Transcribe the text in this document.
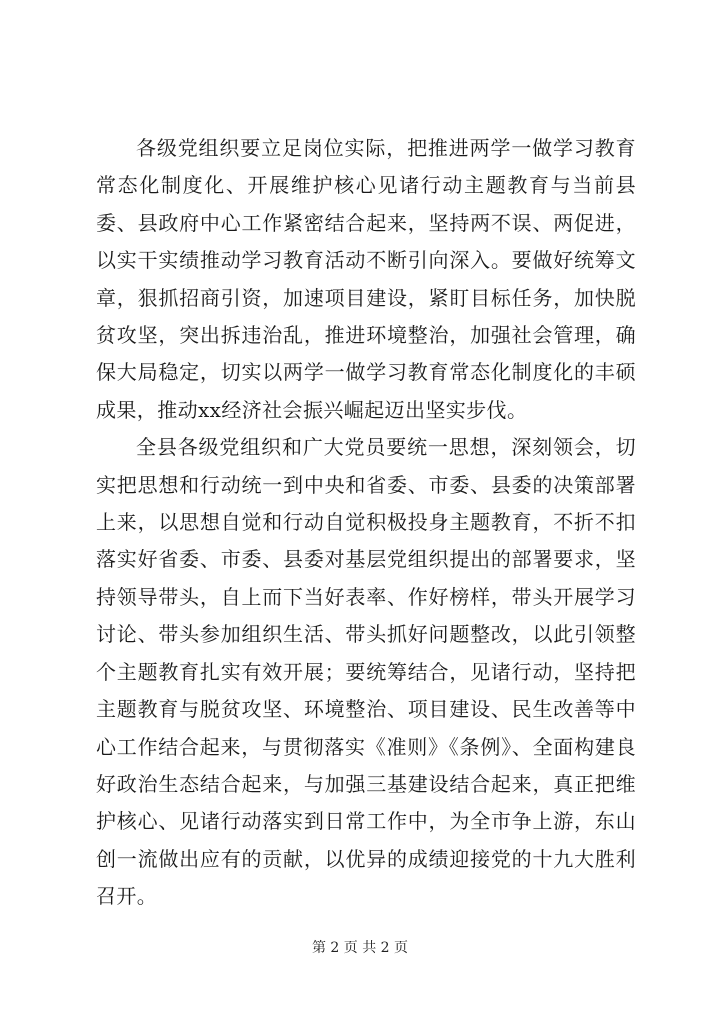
各级党组织要立足岗位实际，把推进两学一做学习教育常态化制度化、开展维护核心见诸行动主题教育与当前县委、县政府中心工作紧密结合起来，坚持两不误、两促进，以实干实绩推动学习教育活动不断引向深入。要做好统筹文章，狠抓招商引资，加速项目建设，紧盯目标任务，加快脱贫攻坚，突出拆违治乱，推进环境整治，加强社会管理，确保大局稳定，切实以两学一做学习教育常态化制度化的丰硕成果，推动xx经济社会振兴崛起迈出坚实步伐。

全县各级党组织和广大党员要统一思想，深刻领会，切实把思想和行动统一到中央和省委、市委、县委的决策部署上来，以思想自觉和行动自觉积极投身主题教育，不折不扣落实好省委、市委、县委对基层党组织提出的部署要求，坚持领导带头，自上而下当好表率、作好榜样，带头开展学习讨论、带头参加组织生活、带头抓好问题整改，以此引领整个主题教育扎实有效开展；要统筹结合，见诸行动，坚持把主题教育与脱贫攻坚、环境整治、项目建设、民生改善等中心工作结合起来，与贯彻落实《准则》《条例》、全面构建良好政治生态结合起来，与加强三基建设结合起来，真正把维护核心、见诸行动落实到日常工作中，为全市争上游，东山创一流做出应有的贡献，以优异的成绩迎接党的十九大胜利召开。

第 2 页 共 2 页
